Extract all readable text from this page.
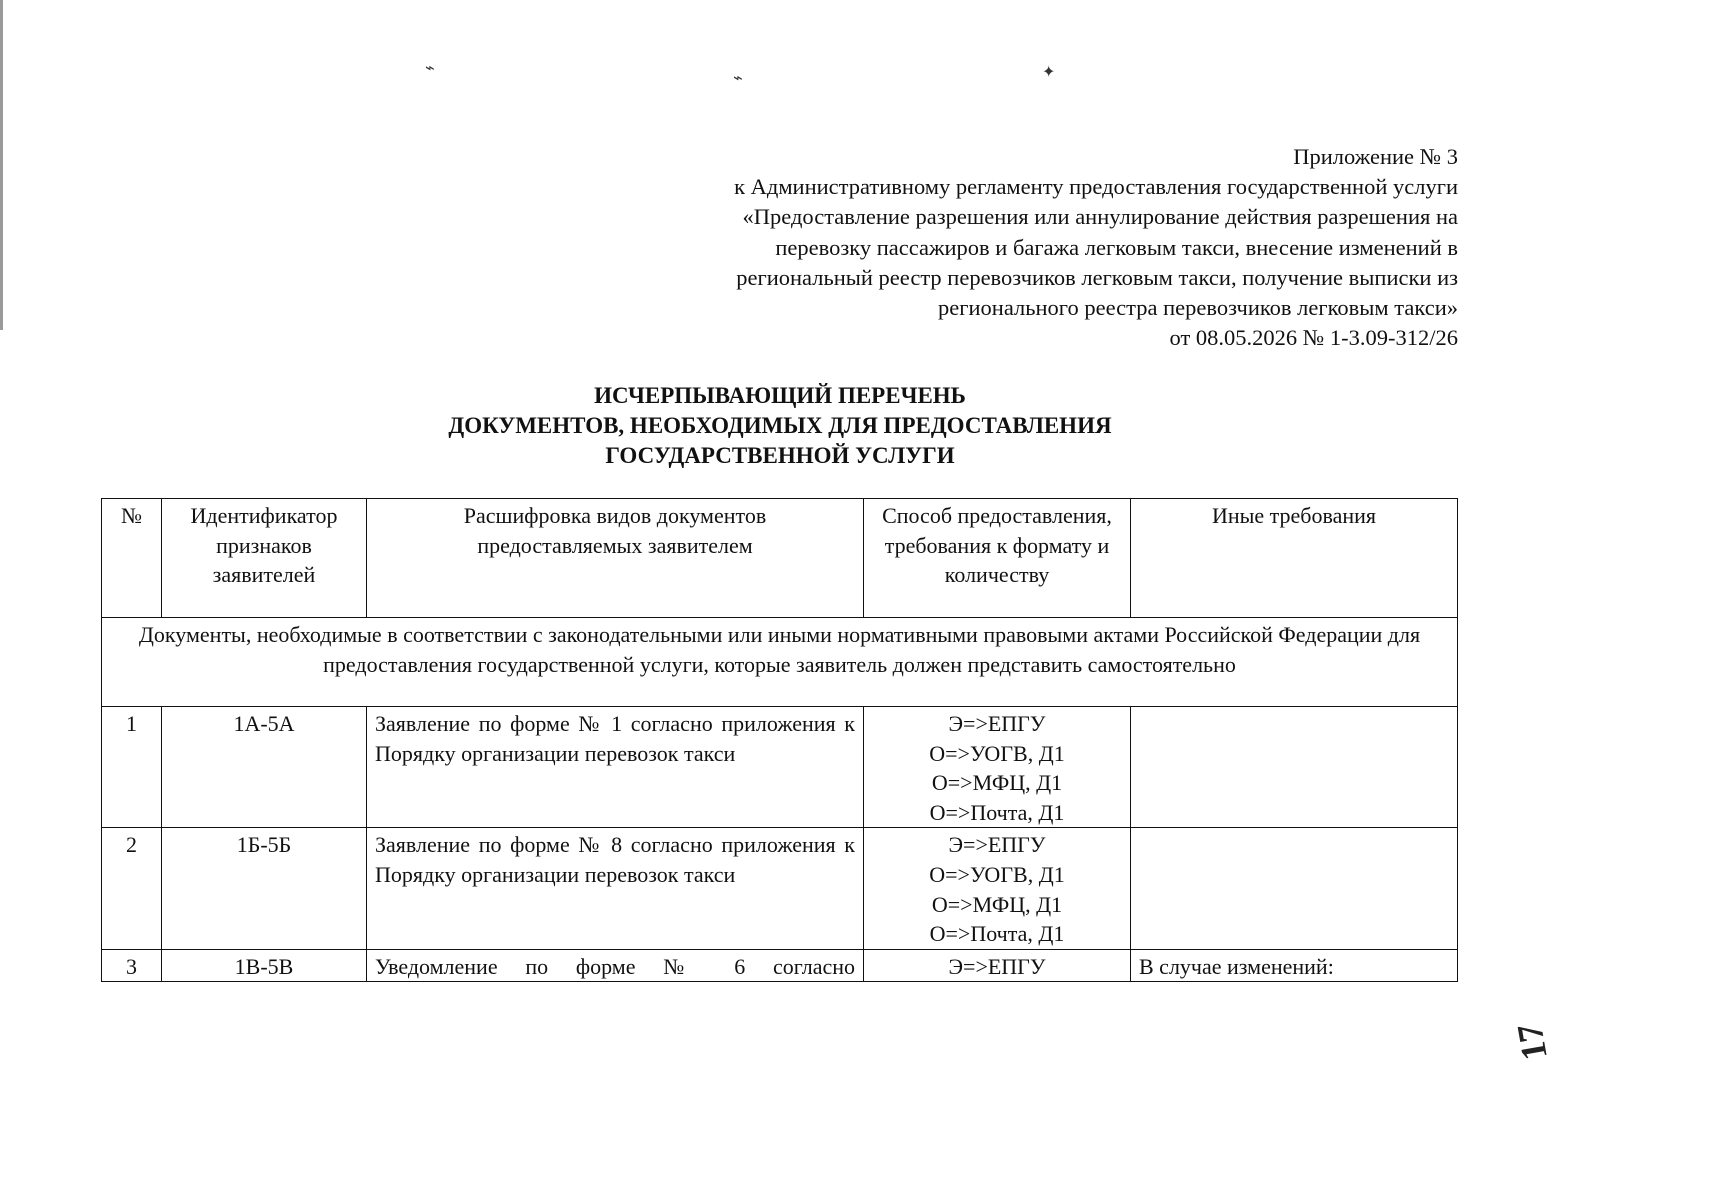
⌁
⌁	✦
Приложение № 3
к Административному регламенту предоставления государственной услуги
«Предоставление разрешения или аннулирование действия разрешения на
перевозку пассажиров и багажа легковым такси, внесение изменений в
региональный реестр перевозчиков легковым такси, получение выписки из
регионального реестра перевозчиков легковым такси»
от 08.05.2026 № 1-3.09-312/26
ИСЧЕРПЫВАЮЩИЙ ПЕРЕЧЕНЬ
ДОКУМЕНТОВ, НЕОБХОДИМЫХ ДЛЯ ПРЕДОСТАВЛЕНИЯ
ГОСУДАРСТВЕННОЙ УСЛУГИ
№	Идентификатор признаков заявителей	Расшифровка видов документов предоставляемых заявителем	Способ предоставления, требования к формату и количеству	Иные требования
Документы, необходимые в соответствии с законодательными или иными нормативными правовыми актами Российской Федерации для предоставления государственной услуги, которые заявитель должен представить самостоятельно				
1	1А-5А	Заявление по форме № 1 согласно приложения к Порядку организации перевозок такси	Э=>ЕПГУ
О=>УОГВ, Д1
О=>МФЦ, Д1
О=>Почта, Д1	

2	1Б-5Б	Заявление по форме № 8 согласно приложения к Порядку организации перевозок такси	Э=>ЕПГУ
О=>УОГВ, Д1
О=>МФЦ, Д1
О=>Почта, Д1	

3	1В-5В	Уведомление по форме № 6 согласно	Э=>ЕПГУ	В случае изменений:
17
